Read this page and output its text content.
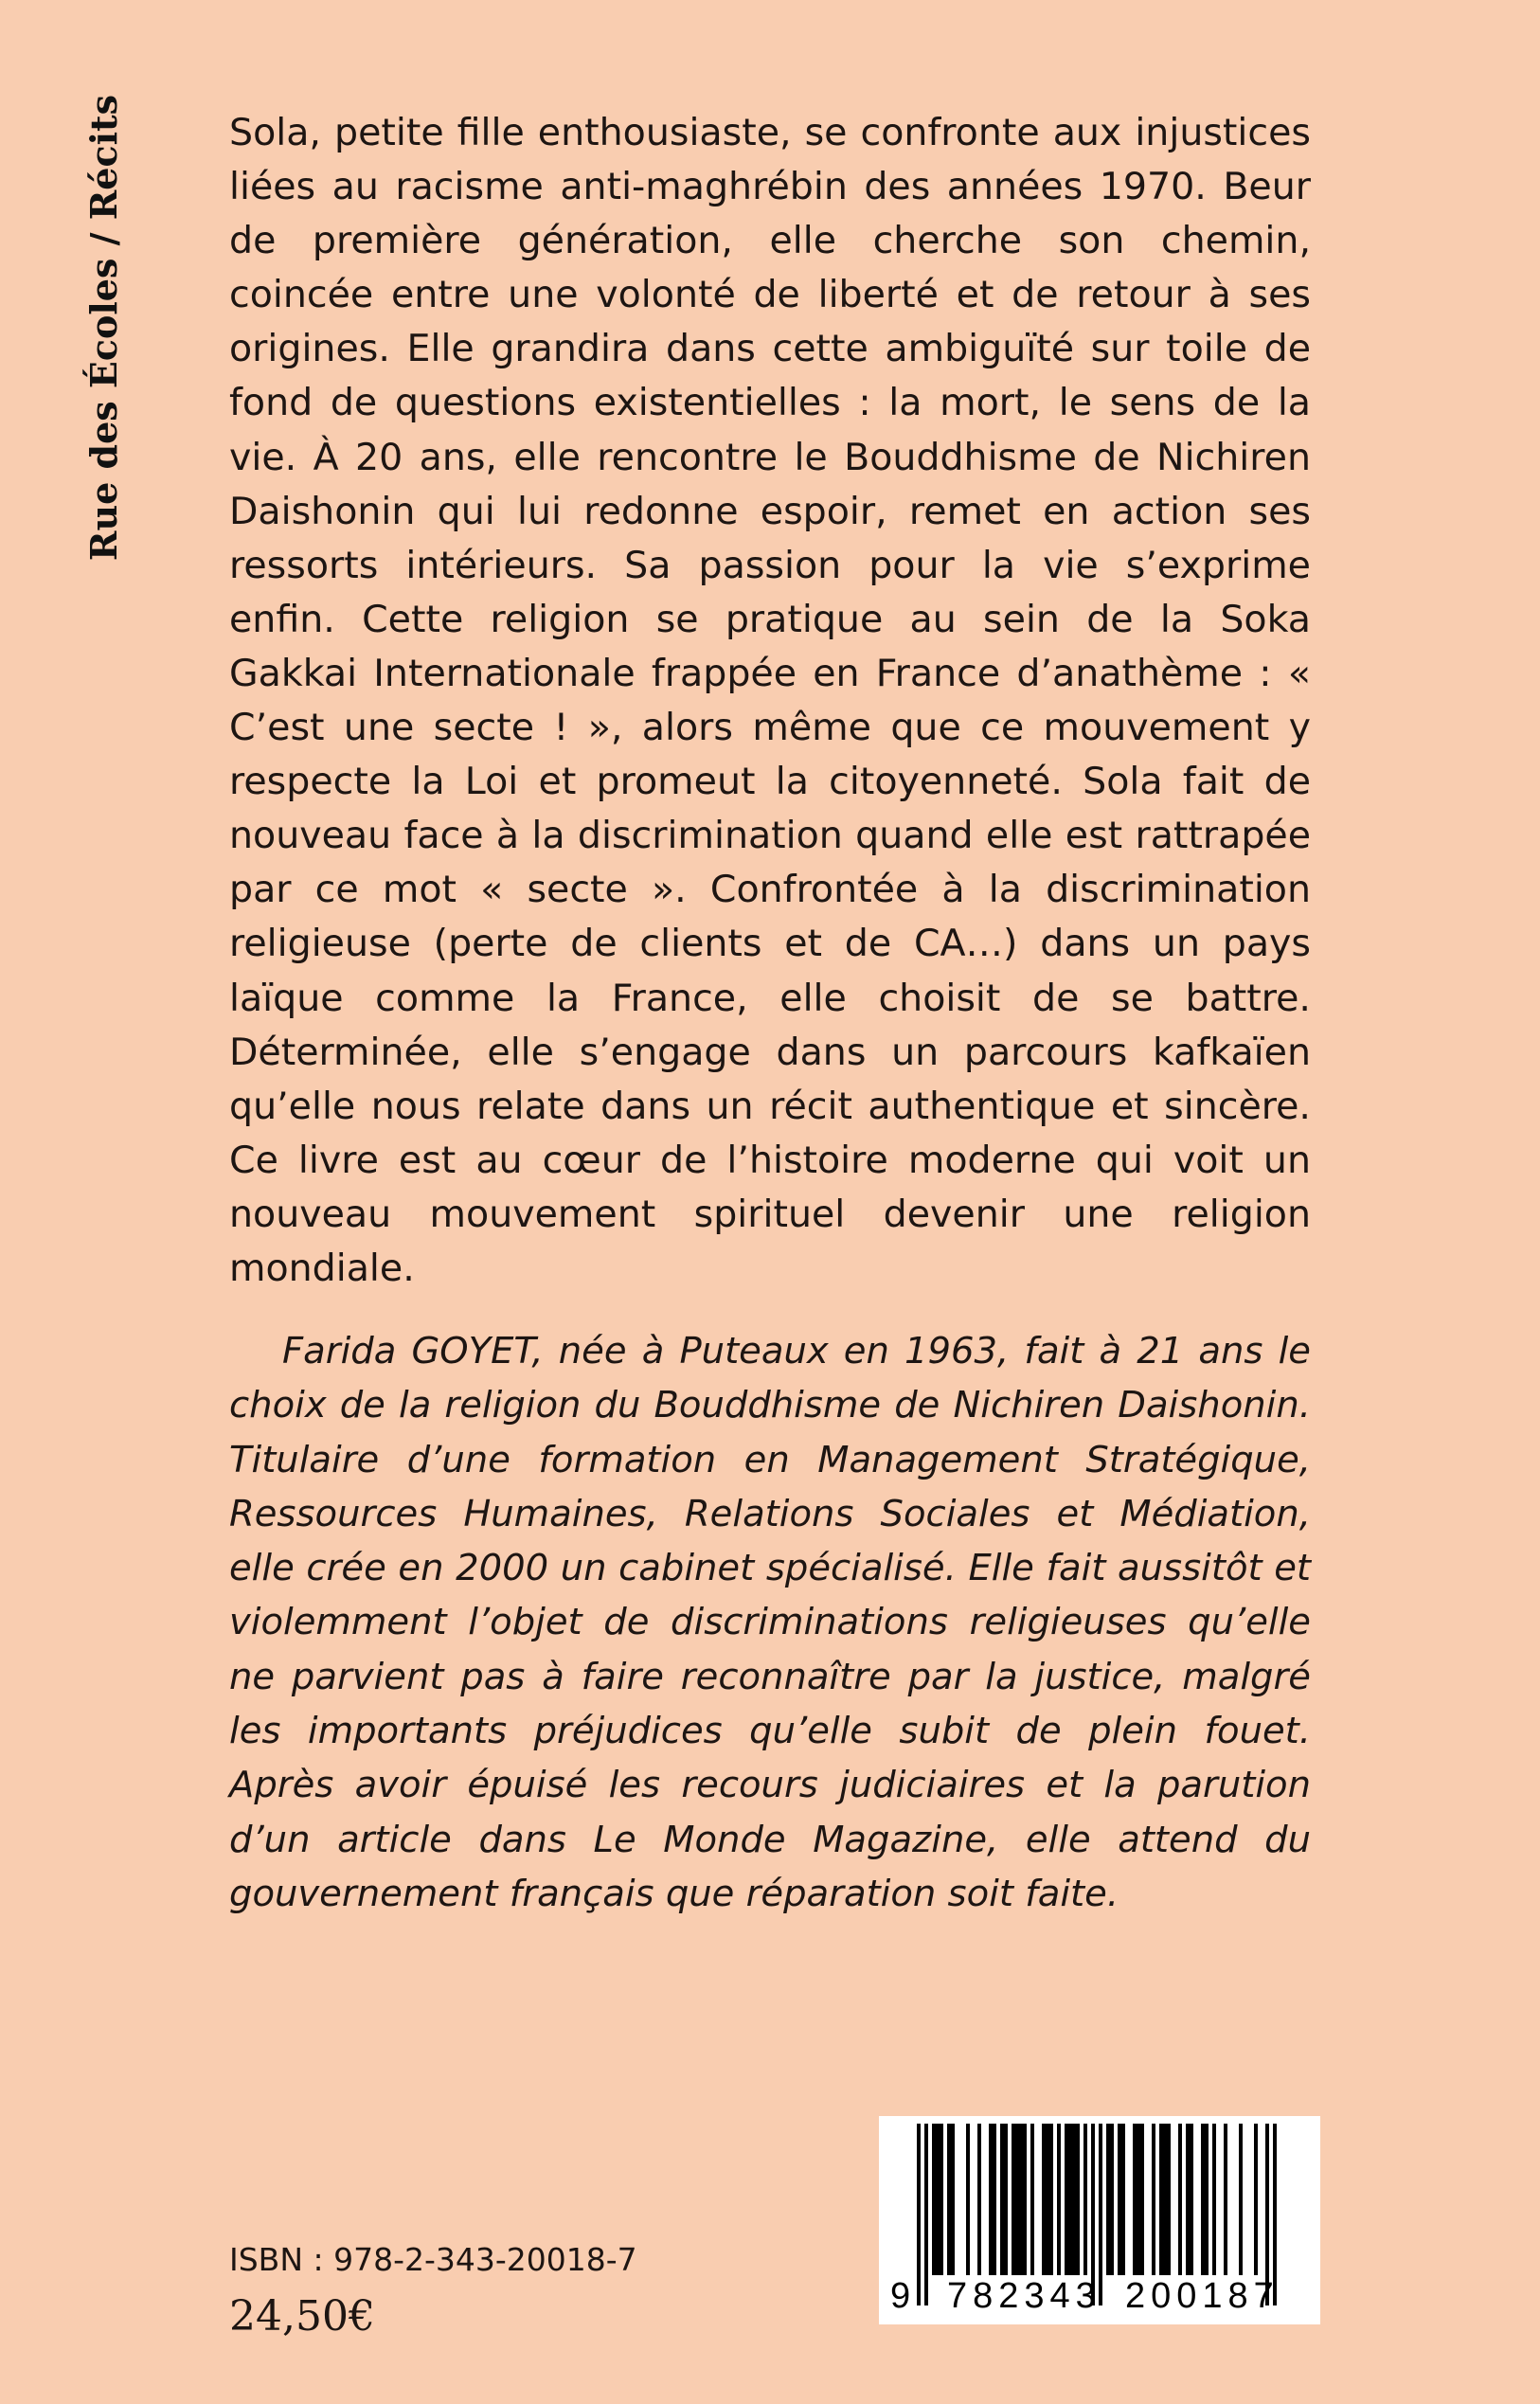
Rue des Écoles / Récits	Sola, petite fille enthousiaste, se confronte aux injustices liées au racisme anti-maghrébin des années 1970. Beur de première génération, elle cherche son chemin, coincée entre une volonté de liberté et de retour à ses origines. Elle grandira dans cette ambiguïté sur toile de fond de questions existentielles : la mort, le sens de la vie. À 20 ans, elle rencontre le Bouddhisme de Nichiren Daishonin qui lui redonne espoir, remet en action ses ressorts intérieurs. Sa passion pour la vie s’exprime enfin. Cette religion se pratique au sein de la Soka Gakkai Internationale frappée en France d’anathème : « C’est une secte ! », alors même que ce mouvement y respecte la Loi et promeut la citoyenneté. Sola fait de nouveau face à la discrimination quand elle est rattrapée par ce mot « secte ». Confrontée à la discrimination religieuse (perte de clients et de CA…) dans un pays laïque comme la France, elle choisit de se battre. Déterminée, elle s’engage dans un parcours kafkaïen qu’elle nous relate dans un récit authentique et sincère. Ce livre est au cœur de l’histoire moderne qui voit un nouveau mouvement spirituel devenir une religion mondiale.

Farida GOYET, née à Puteaux en 1963, fait à 21 ans le choix de la religion du Bouddhisme de Nichiren Daishonin. Titulaire d’une formation en Management Stratégique, Ressources Humaines, Relations Sociales et Médiation, elle crée en 2000 un cabinet spécialisé. Elle fait aussitôt et violemment l’objet de discriminations religieuses qu’elle ne parvient pas à faire reconnaître par la justice, malgré les importants préjudices qu’elle subit de plein fouet. Après avoir épuisé les recours judiciaires et la parution d’un article dans Le Monde Magazine, elle attend du gouvernement français que réparation soit faite.

ISBN : 978-2-343-20018-7
24,50€	9 782343 200187
